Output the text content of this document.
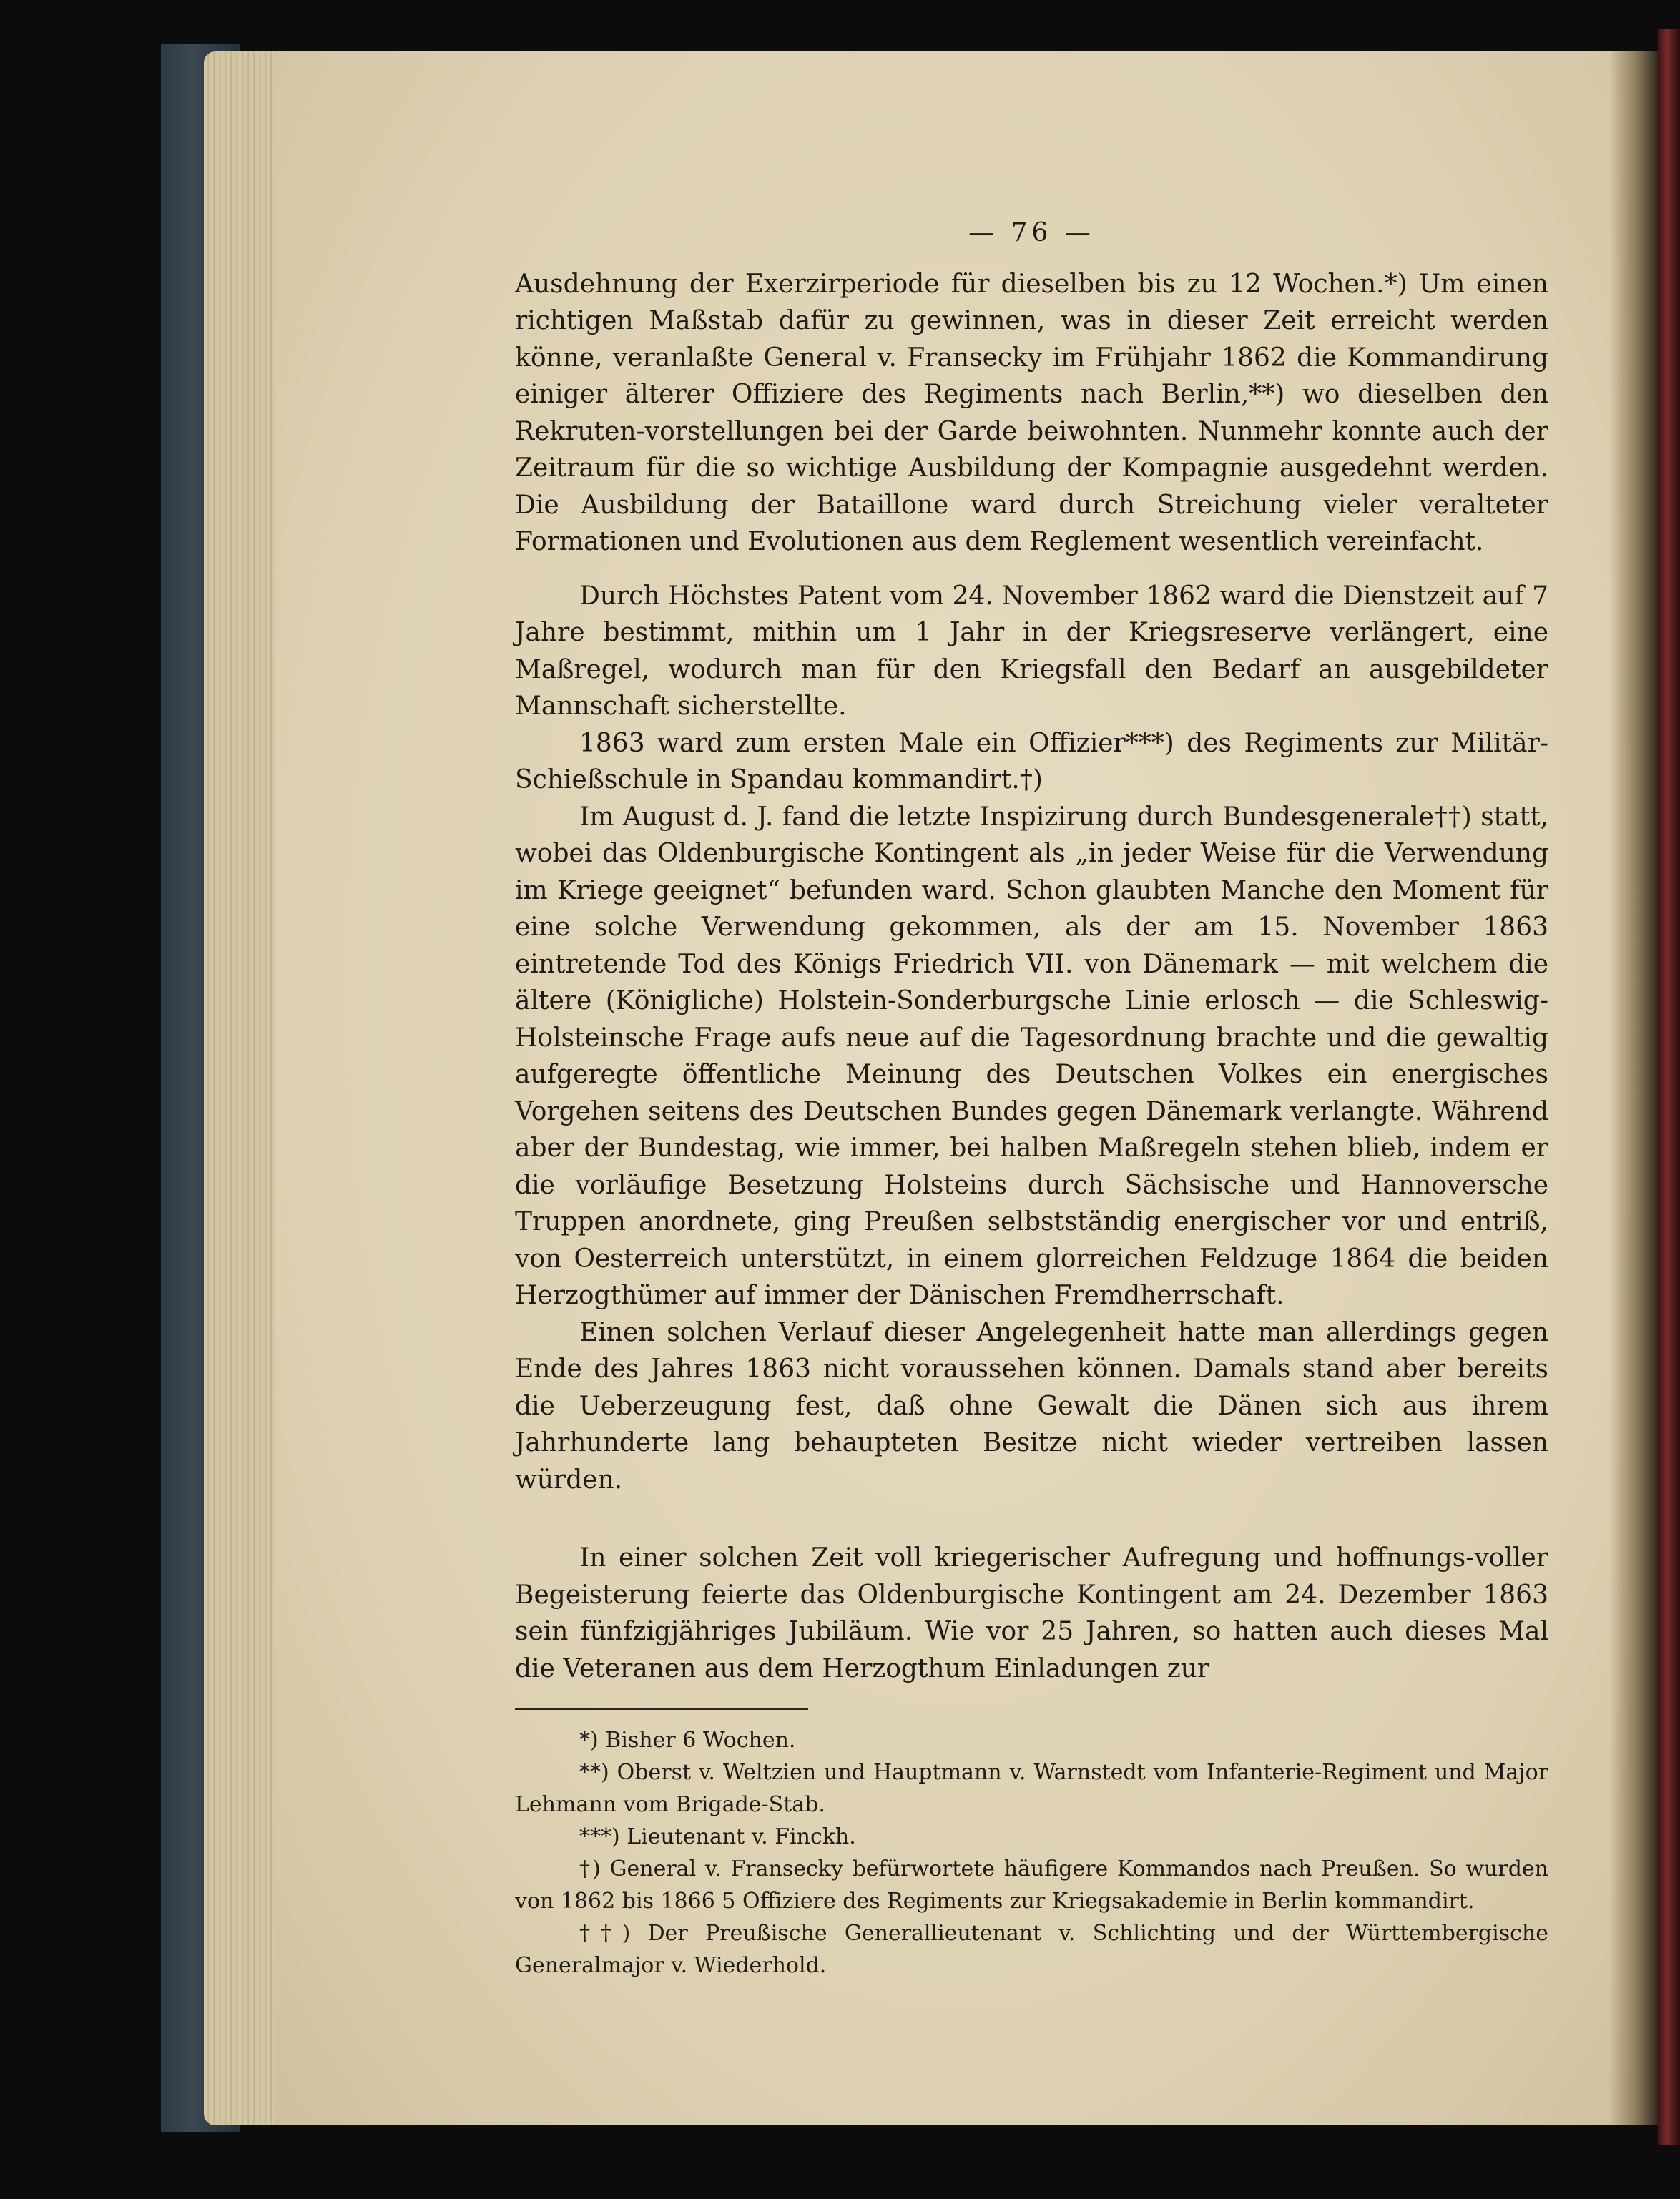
— 76 —

Ausdehnung der Exerzirperiode für dieselben bis zu 12 Wochen.*) Um einen richtigen Maßstab dafür zu gewinnen, was in dieser Zeit erreicht werden könne, veranlaßte General v. Fransecky im Frühjahr 1862 die Kommandirung einiger älterer Offiziere des Regiments nach Berlin,**) wo dieselben den Rekruten-vorstellungen bei der Garde beiwohnten. Nunmehr konnte auch der Zeitraum für die so wichtige Ausbildung der Kompagnie ausgedehnt werden. Die Ausbildung der Bataillone ward durch Streichung vieler veralteter Formationen und Evolutionen aus dem Reglement wesentlich vereinfacht.

Durch Höchstes Patent vom 24. November 1862 ward die Dienstzeit auf 7 Jahre bestimmt, mithin um 1 Jahr in der Kriegsreserve verlängert, eine Maßregel, wodurch man für den Kriegsfall den Bedarf an ausgebildeter Mannschaft sicherstellte.

1863 ward zum ersten Male ein Offizier***) des Regiments zur Militär-Schießschule in Spandau kommandirt.†)

Im August d. J. fand die letzte Inspizirung durch Bundesgenerale††) statt, wobei das Oldenburgische Kontingent als „in jeder Weise für die Verwendung im Kriege geeignet“ befunden ward. Schon glaubten Manche den Moment für eine solche Verwendung gekommen, als der am 15. November 1863 eintretende Tod des Königs Friedrich VII. von Dänemark — mit welchem die ältere (Königliche) Holstein-Sonderburgsche Linie erlosch — die Schleswig-Holsteinsche Frage aufs neue auf die Tagesordnung brachte und die gewaltig aufgeregte öffentliche Meinung des Deutschen Volkes ein energisches Vorgehen seitens des Deutschen Bundes gegen Dänemark verlangte. Während aber der Bundestag, wie immer, bei halben Maßregeln stehen blieb, indem er die vorläufige Besetzung Holsteins durch Sächsische und Hannoversche Truppen anordnete, ging Preußen selbstständig energischer vor und entriß, von Oesterreich unterstützt, in einem glorreichen Feldzuge 1864 die beiden Herzogthümer auf immer der Dänischen Fremdherrschaft.

Einen solchen Verlauf dieser Angelegenheit hatte man allerdings gegen Ende des Jahres 1863 nicht voraussehen können. Damals stand aber bereits die Ueberzeugung fest, daß ohne Gewalt die Dänen sich aus ihrem Jahrhunderte lang behaupteten Besitze nicht wieder vertreiben lassen würden.

In einer solchen Zeit voll kriegerischer Aufregung und hoffnungs-voller Begeisterung feierte das Oldenburgische Kontingent am 24. Dezember 1863 sein fünfzigjähriges Jubiläum. Wie vor 25 Jahren, so hatten auch dieses Mal die Veteranen aus dem Herzogthum Einladungen zur

*) Bisher 6 Wochen.

**) Oberst v. Weltzien und Hauptmann v. Warnstedt vom Infanterie-Regiment und Major Lehmann vom Brigade-Stab.

***) Lieutenant v. Finckh.

†) General v. Fransecky befürwortete häufigere Kommandos nach Preußen. So wurden von 1862 bis 1866 5 Offiziere des Regiments zur Kriegsakademie in Berlin kommandirt.

††) Der Preußische Generallieutenant v. Schlichting und der Württembergische Generalmajor v. Wiederhold.
